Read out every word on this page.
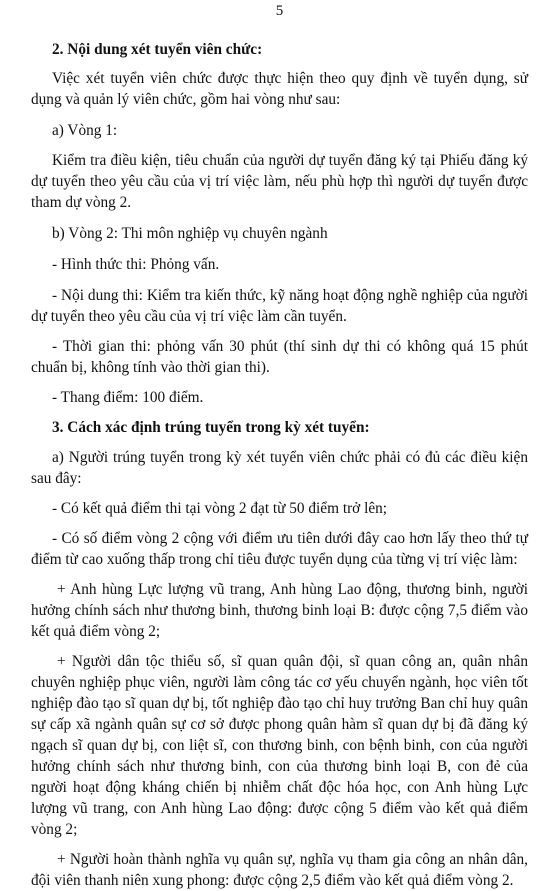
5

2. Nội dung xét tuyển viên chức:

Việc xét tuyển viên chức được thực hiện theo quy định về tuyển dụng, sử dụng và quản lý viên chức, gồm hai vòng như sau:

a) Vòng 1:

Kiểm tra điều kiện, tiêu chuẩn của người dự tuyển đăng ký tại Phiếu đăng ký dự tuyển theo yêu cầu của vị trí việc làm, nếu phù hợp thì người dự tuyển được tham dự vòng 2.

b) Vòng 2: Thi môn nghiệp vụ chuyên ngành

- Hình thức thi: Phỏng vấn.

- Nội dung thi: Kiểm tra kiến thức, kỹ năng hoạt động nghề nghiệp của người dự tuyển theo yêu cầu của vị trí việc làm cần tuyển.

- Thời gian thi: phỏng vấn 30 phút (thí sinh dự thi có không quá 15 phút chuẩn bị, không tính vào thời gian thi).

- Thang điểm: 100 điểm.

3. Cách xác định trúng tuyển trong kỳ xét tuyển:

a) Người trúng tuyển trong kỳ xét tuyển viên chức phải có đủ các điều kiện sau đây:

- Có kết quả điểm thi tại vòng 2 đạt từ 50 điểm trở lên;

- Có số điểm vòng 2 cộng với điểm ưu tiên dưới đây cao hơn lấy theo thứ tự điểm từ cao xuống thấp trong chỉ tiêu được tuyển dụng của từng vị trí việc làm:

+ Anh hùng Lực lượng vũ trang, Anh hùng Lao động, thương binh, người hưởng chính sách như thương binh, thương binh loại B: được cộng 7,5 điểm vào kết quả điểm vòng 2;

+ Người dân tộc thiểu số, sĩ quan quân đội, sĩ quan công an, quân nhân chuyên nghiệp phục viên, người làm công tác cơ yếu chuyển ngành, học viên tốt nghiệp đào tạo sĩ quan dự bị, tốt nghiệp đào tạo chỉ huy trưởng Ban chỉ huy quân sự cấp xã ngành quân sự cơ sở được phong quân hàm sĩ quan dự bị đã đăng ký ngạch sĩ quan dự bị, con liệt sĩ, con thương binh, con bệnh binh, con của người hưởng chính sách như thương binh, con của thương binh loại B, con đẻ của người hoạt động kháng chiến bị nhiễm chất độc hóa học, con Anh hùng Lực lượng vũ trang, con Anh hùng Lao động: được cộng 5 điểm vào kết quả điểm vòng 2;

+ Người hoàn thành nghĩa vụ quân sự, nghĩa vụ tham gia công an nhân dân, đội viên thanh niên xung phong: được cộng 2,5 điểm vào kết quả điểm vòng 2.
